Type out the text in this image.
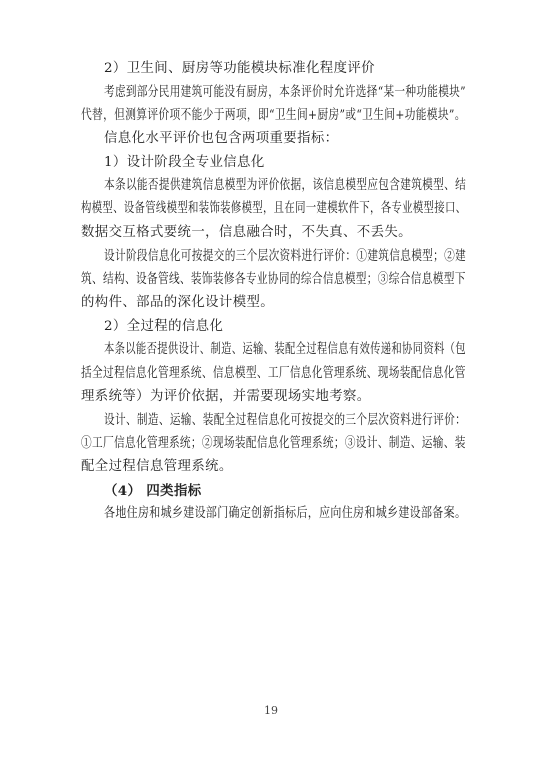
2）卫生间、厨房等功能模块标准化程度评价
考虑到部分民用建筑可能没有厨房，本条评价时允许选择“某一种功能模块”
代替，但测算评价项不能少于两项，即“卫生间+厨房”或“卫生间+功能模块”。
信息化水平评价也包含两项重要指标：
1）设计阶段全专业信息化
本条以能否提供建筑信息模型为评价依据，该信息模型应包含建筑模型、结
构模型、设备管线模型和装饰装修模型，且在同一建模软件下，各专业模型接口、
数据交互格式要统一，信息融合时，不失真、不丢失。
设计阶段信息化可按提交的三个层次资料进行评价：①建筑信息模型；②建
筑、结构、设备管线、装饰装修各专业协同的综合信息模型；③综合信息模型下
的构件、部品的深化设计模型。
2）全过程的信息化
本条以能否提供设计、制造、运输、装配全过程信息有效传递和协同资料（包
括全过程信息化管理系统、信息模型、工厂信息化管理系统、现场装配信息化管
理系统等）为评价依据，并需要现场实地考察。
设计、制造、运输、装配全过程信息化可按提交的三个层次资料进行评价：
①工厂信息化管理系统；②现场装配信息化管理系统；③设计、制造、运输、装
配全过程信息管理系统。
（4） 四类指标
各地住房和城乡建设部门确定创新指标后，应向住房和城乡建设部备案。
19
